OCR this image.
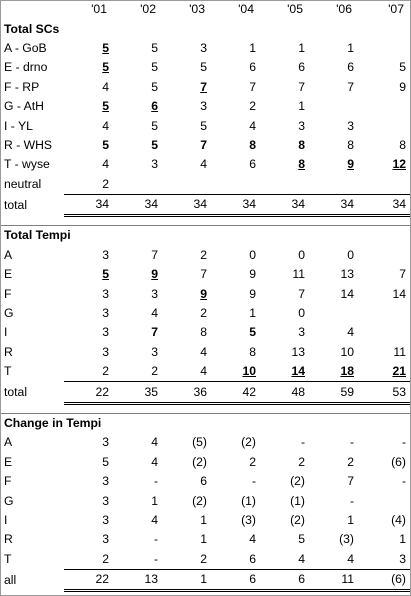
	'01	'02	'03	'04	'05	'06	'07
Total SCs							
A - GoB	5	5	3	1	1	1	
E - drno	5	5	5	6	6	6	5
F - RP	4	5	7	7	7	7	9
G - AtH	5	6	3	2	1		
I - YL	4	5	5	4	3	3	
R - WHS	5	5	7	8	8	8	8
T - wyse	4	3	4	6	8	9	12
neutral	2						
total	34	34	34	34	34	34	34

Total Tempi							
A	3	7	2	0	0	0	
E	5	9	7	9	11	13	7
F	3	3	9	9	7	14	14
G	3	4	2	1	0		
I	3	7	8	5	3	4	
R	3	3	4	8	13	10	11
T	2	2	4	10	14	18	21
total	22	35	36	42	48	59	53

Change in Tempi							
A	3	4	(5)	(2)	-	-	-
E	5	4	(2)	2	2	2	(6)
F	3	-	6	-	(2)	7	-
G	3	1	(2)	(1)	(1)	-	
I	3	4	1	(3)	(2)	1	(4)
R	3	-	1	4	5	(3)	1
T	2	-	2	6	4	4	3
all	22	13	1	6	6	11	(6)
